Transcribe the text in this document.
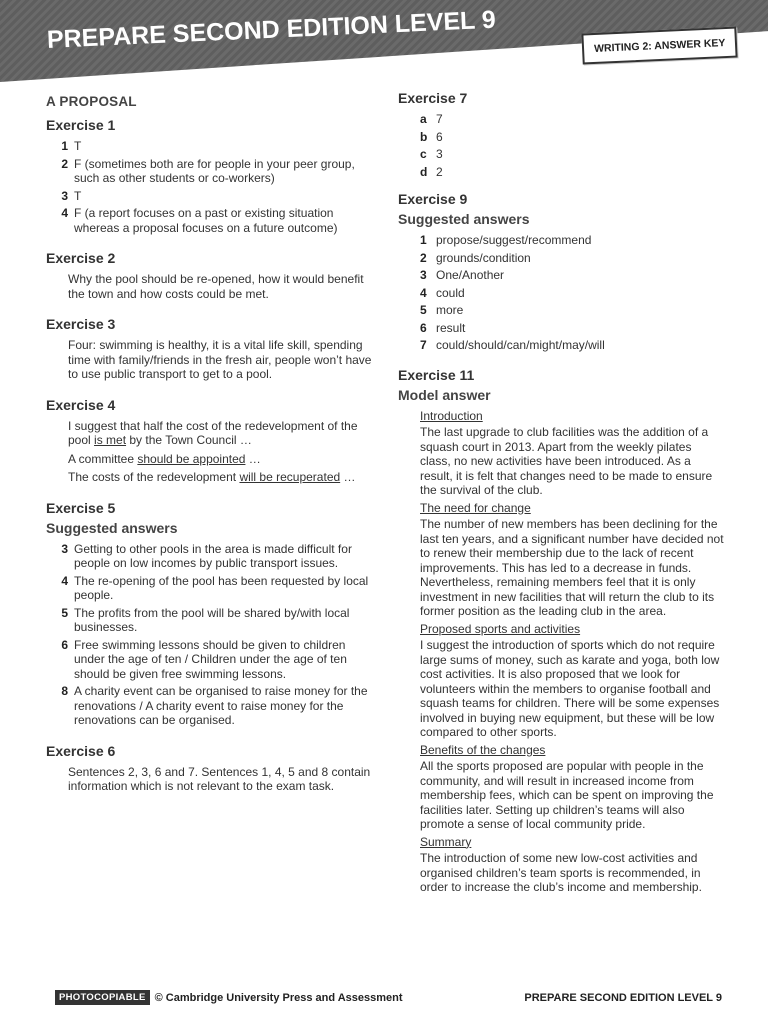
PREPARE SECOND EDITION LEVEL 9	WRITING 2: ANSWER KEY
A PROPOSAL
Exercise 1
1 T
2 F (sometimes both are for people in your peer group, such as other students or co-workers)
3 T
4 F (a report focuses on a past or existing situation whereas a proposal focuses on a future outcome)
Exercise 2

Why the pool should be re-opened, how it would benefit the town and how costs could be met.

Exercise 3

Four: swimming is healthy, it is a vital life skill, spending time with family/friends in the fresh air, people won’t have to use public transport to get to a pool.

Exercise 4

I suggest that half the cost of the redevelopment of the pool is met by the Town Council …

A committee should be appointed …

The costs of the redevelopment will be recuperated …

Exercise 5
Suggested answers
3 Getting to other pools in the area is made difficult for people on low incomes by public transport issues.
4 The re-opening of the pool has been requested by local people.
5 The profits from the pool will be shared by/with local businesses.
6 Free swimming lessons should be given to children under the age of ten / Children under the age of ten should be given free swimming lessons.
8 A charity event can be organised to raise money for the renovations / A charity event to raise money for the renovations can be organised.
Exercise 6

Sentences 2, 3, 6 and 7. Sentences 1, 4, 5 and 8 contain information which is not relevant to the exam task.

Exercise 7
a 7
b 6
c 3
d 2
Exercise 9
Suggested answers
1 propose/suggest/recommend
2 grounds/condition
3 One/Another
4 could
5 more
6 result
7 could/should/can/might/may/will
Exercise 11
Model answer
Introduction

The last upgrade to club facilities was the addition of a squash court in 2013. Apart from the weekly pilates class, no new activities have been introduced. As a result, it is felt that changes need to be made to ensure the survival of the club.

The need for change

The number of new members has been declining for the last ten years, and a significant number have decided not to renew their membership due to the lack of recent improvements. This has led to a decrease in funds. Nevertheless, remaining members feel that it is only investment in new facilities that will return the club to its former position as the leading club in the area.

Proposed sports and activities

I suggest the introduction of sports which do not require large sums of money, such as karate and yoga, both low cost activities. It is also proposed that we look for volunteers within the members to organise football and squash teams for children. There will be some expenses involved in buying new equipment, but these will be low compared to other sports.

Benefits of the changes

All the sports proposed are popular with people in the community, and will result in increased income from membership fees, which can be spent on improving the facilities later. Setting up children’s teams will also promote a sense of local community pride.

Summary

The introduction of some new low-cost activities and organised children’s team sports is recommended, in order to increase the club’s income and membership.

PHOTOCOPIABLE © Cambridge University Press and Assessment	PREPARE SECOND EDITION LEVEL 9
